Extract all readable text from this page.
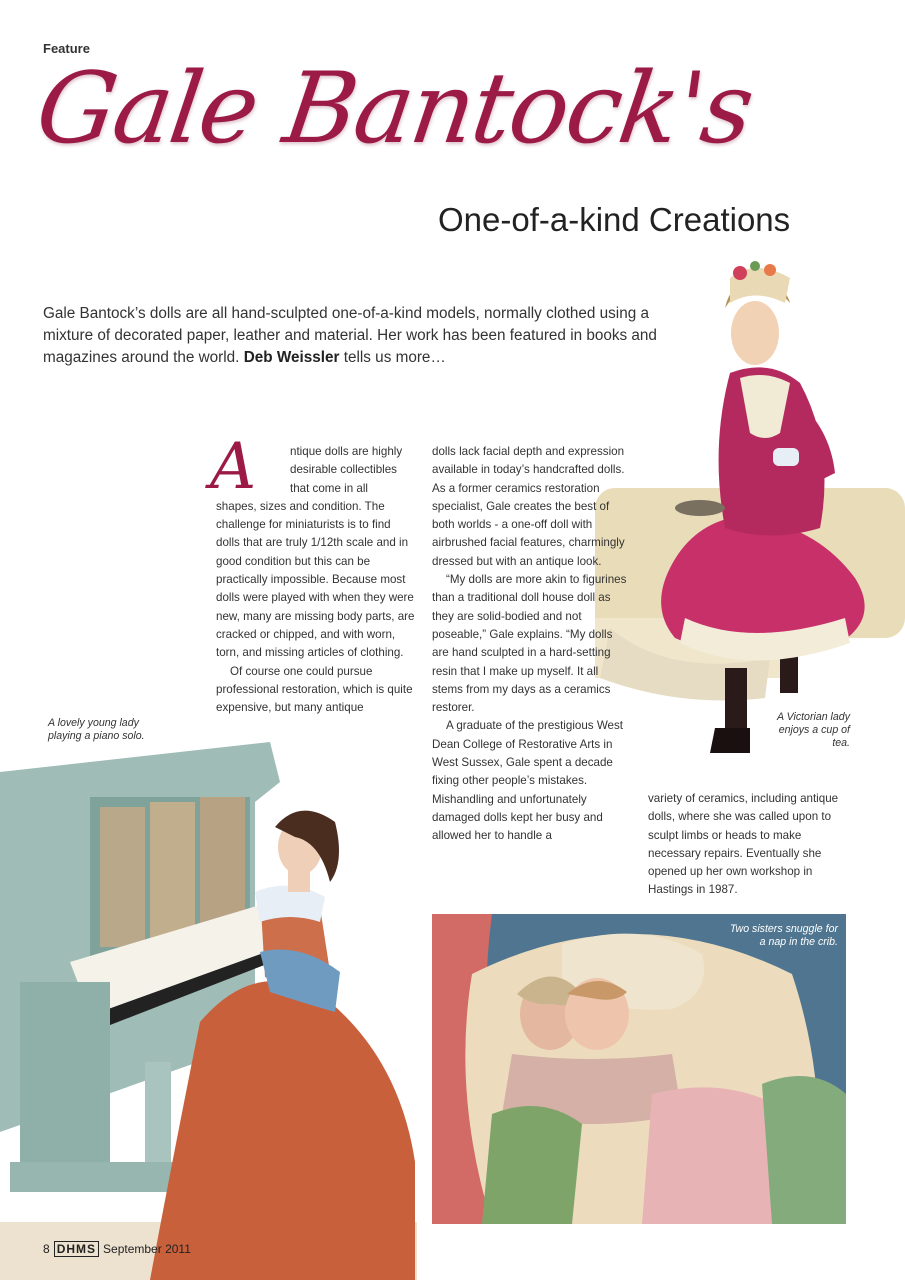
Feature
Gale Bantock's
One-of-a-kind Creations
Gale Bantock’s dolls are all hand-sculpted one-of-a-kind models, normally clothed using a mixture of decorated paper, leather and material. Her work has been featured in books and magazines around the world. Deb Weissler tells us more…
A Victorian lady enjoys a cup of tea.

A	ntique dolls are highly
desirable collectibles
that come in all

shapes, sizes and condition. The challenge for miniaturists is to find dolls that are truly 1/12th scale and in good condition but this can be practically impossible. Because most dolls were played with when they were new, many are missing body parts, are cracked or chipped, and with worn, torn, and missing articles of clothing.

Of course one could pursue professional restoration, which is quite expensive, but many antique

dolls lack facial depth and expression available in today’s handcrafted dolls. As a former ceramics restoration specialist, Gale creates the best of both worlds - a one-off doll with airbrushed facial features, charmingly dressed but with an antique look.

“My dolls are more akin to figurines than a traditional doll house doll as they are solid-bodied and not poseable,” Gale explains. “My dolls are hand sculpted in a hard-setting resin that I make up myself. It all stems from my days as a ceramics restorer.

A graduate of the prestigious West Dean College of Restorative Arts in West Sussex, Gale spent a decade fixing other people’s mistakes. Mishandling and unfortunately damaged dolls kept her busy and allowed her to handle a

variety of ceramics, including antique dolls, where she was called upon to sculpt limbs or heads to make necessary repairs. Eventually she opened up her own workshop in Hastings in 1987.

A lovely young lady playing a piano solo.
Two sisters snuggle for a nap in the crib.
8 DHMS September 2011
